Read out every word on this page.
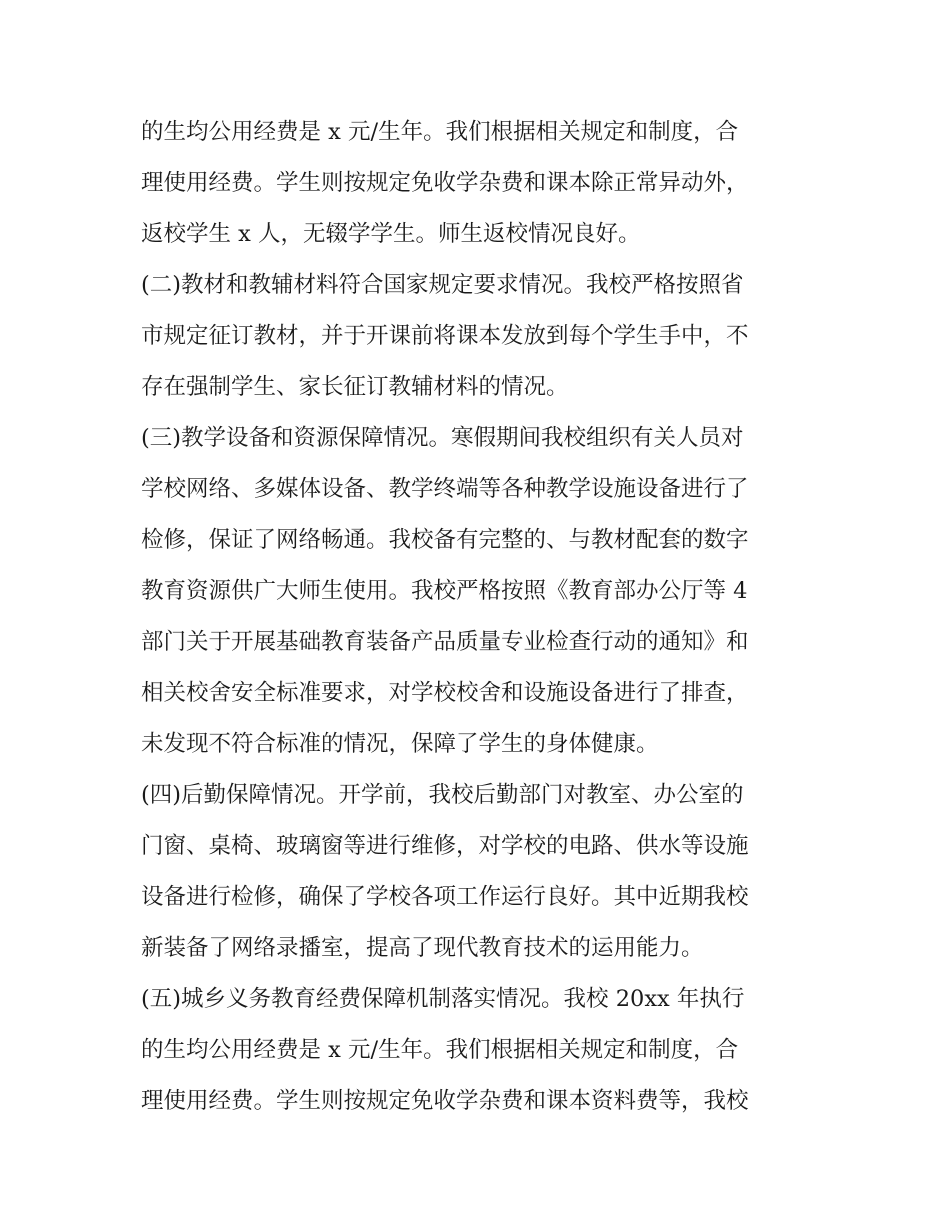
的生均公用经费是 x 元/生年。我们根据相关规定和制度，合
理使用经费。学生则按规定免收学杂费和课本除正常异动外，
返校学生 x 人，无辍学学生。师生返校情况良好。
(二)教材和教辅材料符合国家规定要求情况。我校严格按照省
市规定征订教材，并于开课前将课本发放到每个学生手中，不
存在强制学生、家长征订教辅材料的情况。
(三)教学设备和资源保障情况。寒假期间我校组织有关人员对
学校网络、多媒体设备、教学终端等各种教学设施设备进行了
检修，保证了网络畅通。我校备有完整的、与教材配套的数字
教育资源供广大师生使用。我校严格按照《教育部办公厅等 4
部门关于开展基础教育装备产品质量专业检查行动的通知》和
相关校舍安全标准要求，对学校校舍和设施设备进行了排查，
未发现不符合标准的情况，保障了学生的身体健康。
(四)后勤保障情况。开学前，我校后勤部门对教室、办公室的
门窗、桌椅、玻璃窗等进行维修，对学校的电路、供水等设施
设备进行检修，确保了学校各项工作运行良好。其中近期我校
新装备了网络录播室，提高了现代教育技术的运用能力。
(五)城乡义务教育经费保障机制落实情况。我校 20xx 年执行
的生均公用经费是 x 元/生年。我们根据相关规定和制度，合
理使用经费。学生则按规定免收学杂费和课本资料费等，我校
